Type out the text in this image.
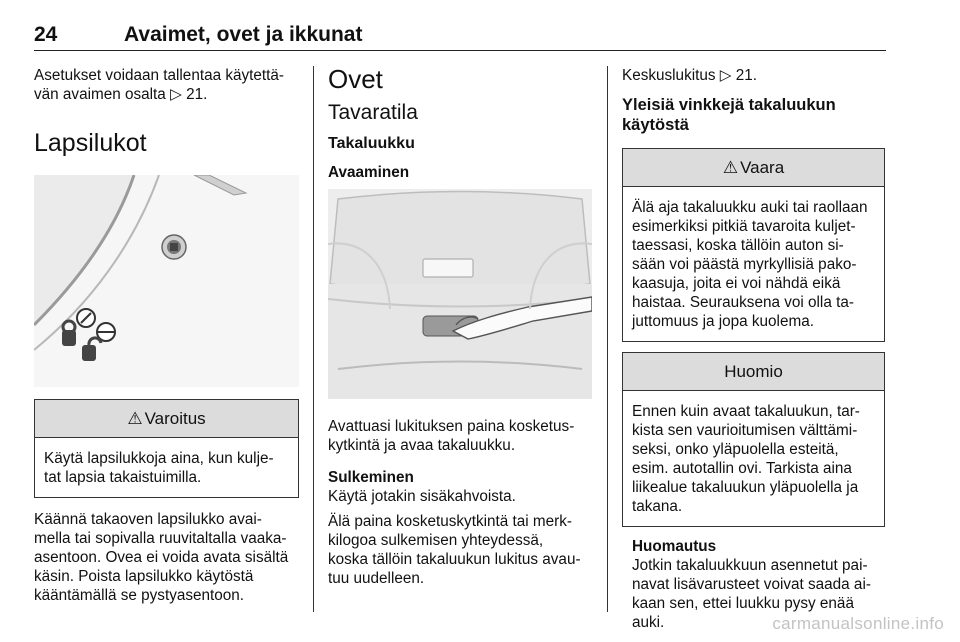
24	Avaimet, ovet ja ikkunat

Asetukset voidaan tallentaa käytettä-
vän avaimen osalta ▷ 21.

Lapsilukot
⚠ Varoitus

Käytä lapsilukkoja aina, kun kulje-
tat lapsia takaistuimilla.

Käännä takaoven lapsilukko avai-
mella tai sopivalla ruuvitaltalla vaaka-
asentoon. Ovea ei voida avata sisältä
käsin. Poista lapsilukko käytöstä
kääntämällä se pystyasentoon.

Ovet
Tavaratila
Takaluukku
Avaaminen

Avattuasi lukituksen paina kosketus-
kytkintä ja avaa takaluukku.

Sulkeminen

Käytä jotakin sisäkahvoista.

Älä paina kosketuskytkintä tai merk-
kilogoa sulkemisen yhteydessä,
koska tällöin takaluukun lukitus avau-
tuu uudelleen.

Keskuslukitus ▷ 21.

Yleisiä vinkkejä takaluukun
käytöstä
⚠ Vaara

Älä aja takaluukku auki tai raollaan
esimerkiksi pitkiä tavaroita kuljet-
taessasi, koska tällöin auton si-
sään voi päästä myrkyllisiä pako-
kaasuja, joita ei voi nähdä eikä
haistaa. Seurauksena voi olla ta-
juttomuus ja jopa kuolema.

Huomio

Ennen kuin avaat takaluukun, tar-
kista sen vaurioitumisen välttämi-
seksi, onko yläpuolella esteitä,
esim. autotallin ovi. Tarkista aina
liikealue takaluukun yläpuolella ja
takana.

Huomautus

Jotkin takaluukkuun asennetut pai-
navat lisävarusteet voivat saada ai-
kaan sen, ettei luukku pysy enää
auki.	carmanualsonline.info
